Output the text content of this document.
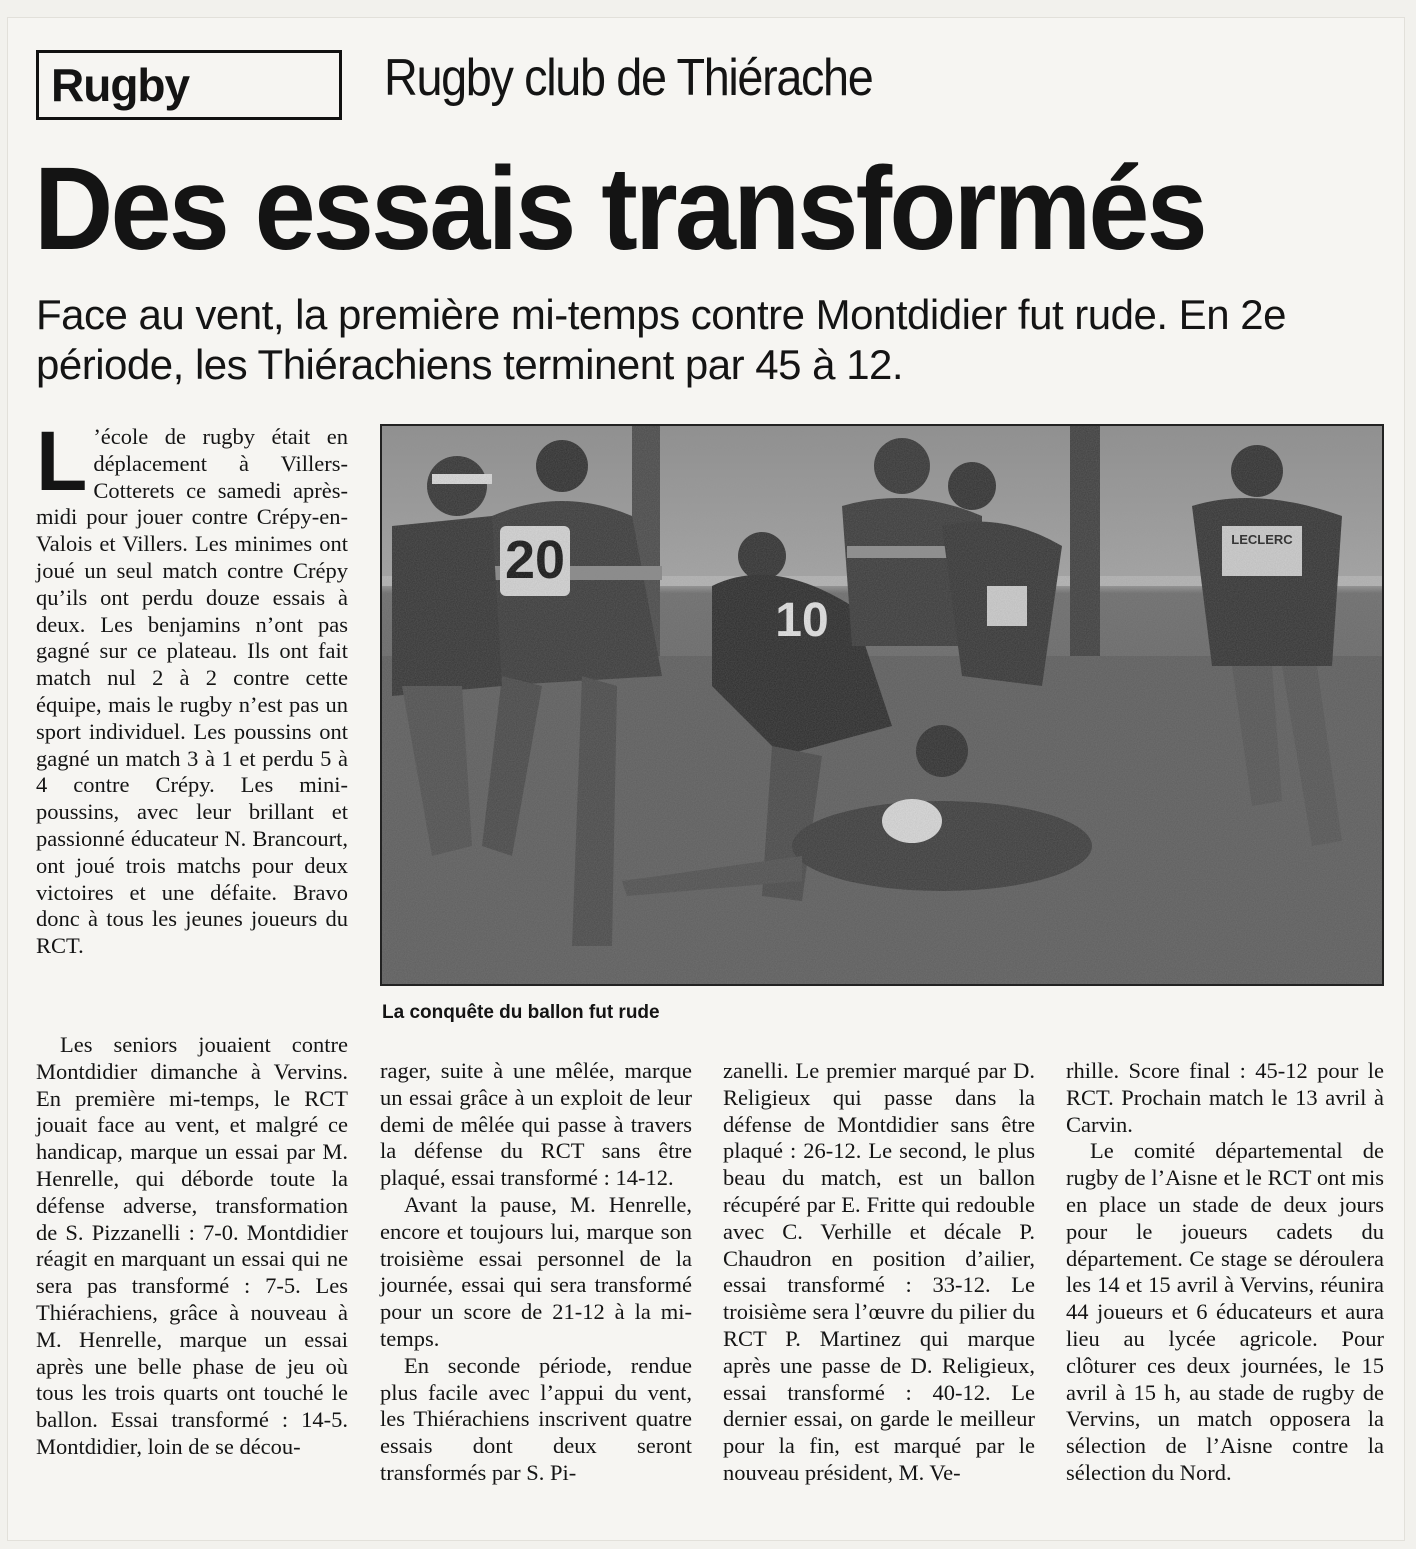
Rugby	Rugby club de Thiérache
Des essais transformés
Face au vent, la première mi-temps contre Montdidier fut rude. En 2e période, les Thiérachiens terminent par 45 à 12.
L ’école de rugby était en déplacement à Villers-Cotterets ce samedi après-midi pour jouer contre Crépy-en-Valois et Villers. Les minimes ont joué un seul match contre Crépy qu’ils ont perdu douze essais à deux. Les benjamins n’ont pas gagné sur ce plateau. Ils ont fait match nul 2 à 2 contre cette équipe, mais le rugby n’est pas un sport individuel. Les poussins ont gagné un match 3 à 1 et perdu 5 à 4 contre Crépy. Les mini-poussins, avec leur brillant et passionné éducateur N. Brancourt, ont joué trois matchs pour deux victoires et une défaite. Bravo donc à tous les jeunes joueurs du RCT.

Les seniors jouaient contre Montdidier dimanche à Vervins. En première mi-temps, le RCT jouait face au vent, et malgré ce handicap, marque un essai par M. Henrelle, qui déborde toute la défense adverse, transformation de S. Pizzanelli : 7-0. Montdidier réagit en marquant un essai qui ne sera pas transformé : 7-5. Les Thiérachiens, grâce à nouveau à M. Henrelle, marque un essai après une belle phase de jeu où tous les trois quarts ont touché le ballon. Essai transformé : 14-5. Montdidier, loin de se décou-

La conquête du ballon fut rude

rager, suite à une mêlée, marque un essai grâce à un exploit de leur demi de mêlée qui passe à travers la défense du RCT sans être plaqué, essai transformé : 14-12.

Avant la pause, M. Henrelle, encore et toujours lui, marque son troisième essai personnel de la journée, essai qui sera transformé pour un score de 21-12 à la mi-temps.

En seconde période, rendue plus facile avec l’appui du vent, les Thiérachiens inscrivent quatre essais dont deux seront transformés par S. Pi-

zanelli. Le premier marqué par D. Religieux qui passe dans la défense de Montdidier sans être plaqué : 26-12. Le second, le plus beau du match, est un ballon récupéré par E. Fritte qui redouble avec C. Verhille et décale P. Chaudron en position d’ailier, essai transformé : 33-12. Le troisième sera l’œuvre du pilier du RCT P. Martinez qui marque après une passe de D. Religieux, essai transformé : 40-12. Le dernier essai, on garde le meilleur pour la fin, est marqué par le nouveau président, M. Ve-

rhille. Score final : 45-12 pour le RCT. Prochain match le 13 avril à Carvin.

Le comité départemental de rugby de l’Aisne et le RCT ont mis en place un stade de deux jours pour le joueurs cadets du département. Ce stage se déroulera les 14 et 15 avril à Vervins, réunira 44 joueurs et 6 éducateurs et aura lieu au lycée agricole. Pour clôturer ces deux journées, le 15 avril à 15 h, au stade de rugby de Vervins, un match opposera la sélection de l’Aisne contre la sélection du Nord.
